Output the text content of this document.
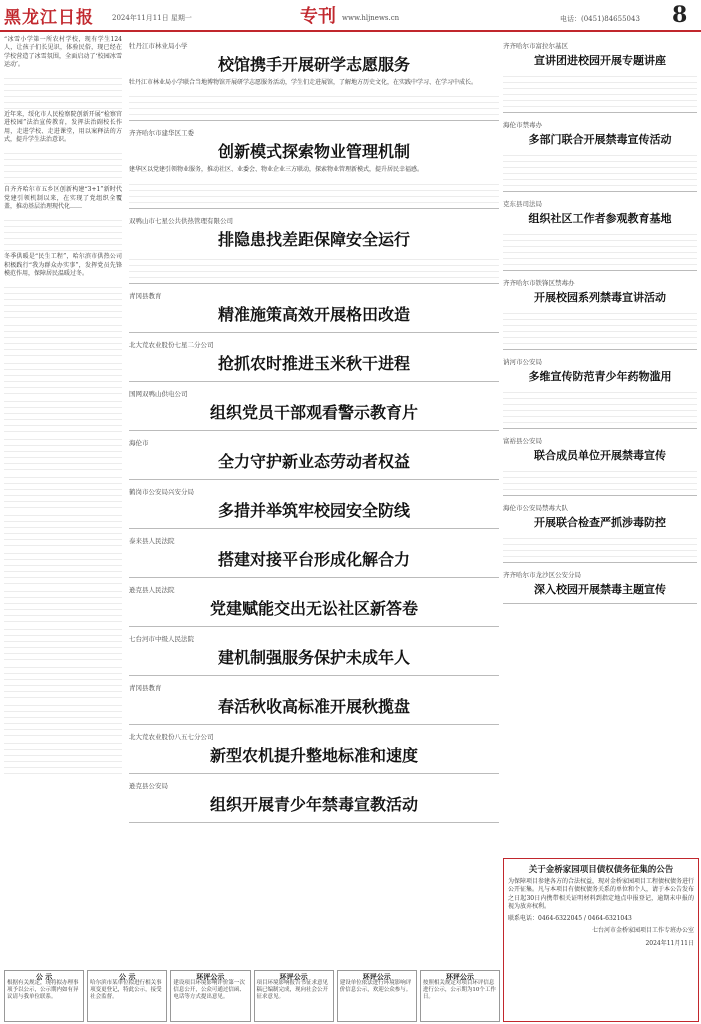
黑龙江日报	2024年11月11日 星期一	专刊 www.hljnews.cn	电话：(0451)84655043 8

“冰雪小学第一所农村学校，现有学生124人，让孩子们长见识，体验民俗，现已经在学校营造了冰雪氛围，全面启动了‘校园冰雪运动’。

近年来，绥化市人民检察院创新开展“检察官进校园”法治宣传教育，发挥法治副校长作用，走进学校、走进课堂，用以案释法的方式，提升学生法治意识。

自齐齐哈尔市五乡区创新构建“3+1”新时代党建引领机制以来，在实现了党组织全覆盖，推动基层治理现代化……

冬季供暖是“民生工程”，哈尔滨市供热公司积极践行“我为群众办实事”，发挥党员先锋模范作用，保障居民温暖过冬。

牡丹江市林业局小学
校馆携手开展研学志愿服务

牡丹江市林业局小学联合当地博物馆开展研学志愿服务活动，学生们走进展馆，了解地方历史文化，在实践中学习、在学习中成长。

齐齐哈尔市建华区工委
创新模式探索物业管理机制

建华区以党建引领物业服务，推动社区、业委会、物业企业三方联动，探索物业管理新模式，提升居民幸福感。

双鸭山市七星公共供热管理有限公司
排隐患找差距保障安全运行
青冈县教育
精准施策高效开展格田改造
北大荒农业股份七星二分公司
抢抓农时推进玉米秋干进程
国网双鸭山供电公司
组织党员干部观看警示教育片
海伦市
全力守护新业态劳动者权益
鹤岗市公安局兴安分局
多措并举筑牢校园安全防线
泰来县人民法院
搭建对接平台形成化解合力
逊克县人民法院
党建赋能交出无讼社区新答卷
七台河市中级人民法院
建机制强服务保护未成年人
青冈县教育
春活秋收高标准开展秋揽盘
北大荒农业股份八五七分公司
新型农机提升整地标准和速度
逊克县公安局
组织开展青少年禁毒宣教活动
齐齐哈尔市富拉尔基区
宣讲团进校园开展专题讲座
海伦市禁毒办
多部门联合开展禁毒宣传活动
克东县司法局
组织社区工作者参观教育基地
齐齐哈尔市铁锋区禁毒办
开展校园系列禁毒宣讲活动
讷河市公安局
多维宣传防范青少年药物滥用
富裕县公安局
联合成员单位开展禁毒宣传
海伦市公安局禁毒大队
开展联合检查严抓涉毒防控
齐齐哈尔市龙沙区公安分局
深入校园开展禁毒主题宣传
关于金桥家园项目债权债务征集的公告

为保障项目参建各方的合法权益，现对金桥家园项目工程债权债务进行公开征集。凡与本项目有债权债务关系的单位和个人，请于本公告发布之日起30日内携带相关证明材料到指定地点申报登记，逾期未申报的视为放弃权利。

联系电话：0464-6322045 / 0464-6321043

七台河市金桥家园项目工作专班办公室

2024年11月11日

公 示
根据有关规定，现将拟办理事项予以公示，公示期内如有异议请与我单位联系。
公 示
哈尔滨市某单位拟进行相关事项变更登记，特此公示，接受社会监督。
环评公示
建设项目环境影响评价第一次信息公开，公众可通过信函、电话等方式提出意见。
环评公示
项目环境影响报告书征求意见稿已编制完成，现向社会公开征求意见。
环评公示
建设单位依法进行环境影响评价信息公示，欢迎公众参与。
环评公示
按照相关规定对项目环评信息进行公示，公示期为10个工作日。
